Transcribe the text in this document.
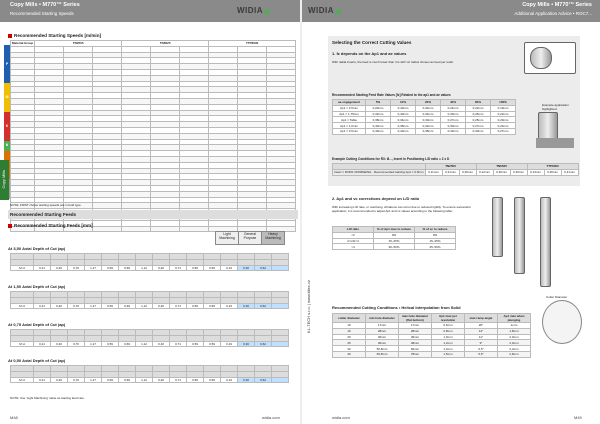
Copy Mills • M770™ Series
Recommended Starting Speeds	WIDIA◢
Recommended Starting Speeds [m/min]
Material Group	TN2505			TN6525			TTP6000		

P
M
K
N
Copy Mills
NOTE: FIRST choice starting speeds are in bold type.
Recommended Starting Feeds
Recommended Starting Feeds [mm]
Light Machining
General Purpose
Heavy Machining
At 3,50 Axial Depth of Cut (ap)

M H	0,21	0,40	0,70	1,17	0,59	0,69	1,12	0,40	0,71	0,59	0,59	0,19	0,30	0,62	
At 1,50 Axial Depth of Cut (ap)

M H	0,21	0,40	0,70	1,17	0,59	0,69	1,12	0,40	0,71	0,59	0,59	0,19	0,30	0,62	
At 0,75 Axial Depth of Cut (ap)

M H	0,21	0,40	0,70	1,17	0,59	0,69	1,12	0,40	0,71	0,59	0,59	0,19	0,30	0,62	
At 0,50 Axial Depth of Cut (ap)

M H	0,21	0,40	0,70	1,17	0,59	0,69	1,12	0,40	0,71	0,59	0,59	0,19	0,30	0,62	
NOTE: Use 'Light Machining' value as starting feed rate.
M48	widia.com
WIDIA◢
Copy Mills • M770™ Series
Additional Application Advice • ROC7...
Selecting the Correct Cutting Values
1. fz depends on the Ap1 and ae values
With radial inserts, the feed is much lower than it is with 'at' radius chosen as feed per tooth.
Recommended Starting Feed Rate Values [fz] Related to the ap1 and ae values
ae engagement	5%	10%	20%	40%	60%	100%
Ap1 = 3,5mm	0,20mm	0,40mm	0,34mm	0,24mm	0,22mm	0,19mm
Ap1 = 1,75mm	0,32mm	0,40mm	0,34mm	0,30mm	0,26mm	0,22mm
Ap1 = Table	0,38mm	0,34mm	0,30mm	0,27mm	0,25mm	0,20mm
Ap1 = 1,0mm	0,40mm	0,38mm	0,32mm	0,30mm	0,27mm	0,24mm
Ap1 = 0,5mm	0,40mm	0,40mm	0,38mm	0,33mm	0,30mm	0,27mm
Example application highlighted.
Example Cutting Conditions for R3: Ø..., Insert in Positioning L/D ratio = 2 x D
	TN2505			TN6525			TTP6000		
Insert = ROFR 20XMNEWH · Recommended starting Ap1 = 0,5mm	0,11mm	0,31mm	0,36mm	0,12mm	0,30mm	0,36mm	0,13mm	0,36mm	0,41mm
2. Ap1 and vc corrections depend on L/D ratio
With increasing L/D ratio, or overhang, vibrations can occur due to reduced rigidity. To ensure successful application, it is recommended to adjust Ap1 and vc values according to the following table:
L/D ratio	% of Ap1 max to reduce	% of vc to reduce
<2	0%	0%
2<L/D<4	15–25%	15–25%
>4	30–50%	25–50%
Recommended Cutting Conditions • Helical Interpolation from Solid
cutter diameter	min hole diameter	max hole diameter (flat bottom)	Ap1 max per revolution	max ramp angle	Ap1 max when plunging
10	17mm	17mm	0,6mm	20°	1mm
16	28mm	28mm	0,8mm	14°	1,8mm
20	36mm	36mm	1,0mm	11°	2,0mm
25	46mm	48mm	1,2mm	9°	2,0mm
32	56,8mm	60mm	1,4mm	6,5°	2,4mm
40	69,8mm	78mm	1,5mm	5,5°	2,8mm
Cutter Diameter
KL-TECH s.r.o. | www.kltec.cz
widia.com	M49
